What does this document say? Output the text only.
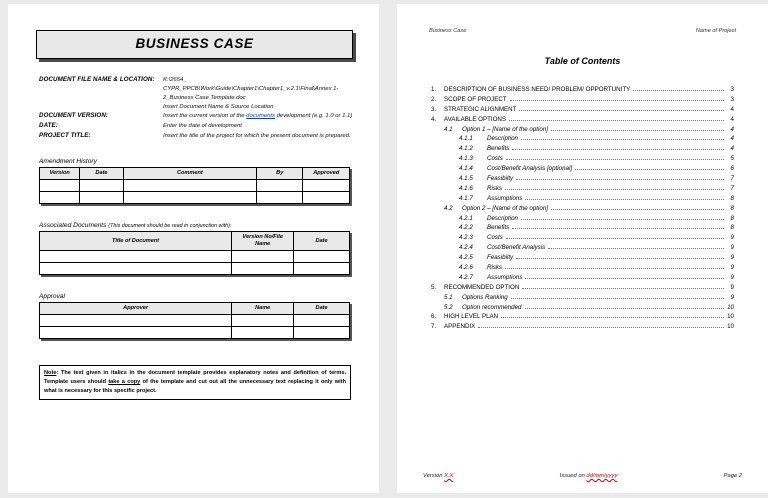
BUSINESS CASE
DOCUMENT FILE NAME & LOCATION:	K:\2654_
CYPR_PPCB\Work\Guide\Chapter1\Chapter1_v.2.1\Final\Annex 1-2_Business Case Template.doc
Insert Document Name & Source Location
DOCUMENT VERSION:	Insert the current version of the documents development (e.g. 1.0 or 1.1)
DATE:	Enter the date of development
PROJECT TITLE:	Insert the title of the project for which the present document is prepared.
Amendment History
Version	Date	Comment	By	Approved

Associated Documents (This document should be read in conjunction with):
Title of Document	Version No/File Name	Date

Approval
Approver	Name	Date

Note: The text given in italics in the document template provides explanatory notes and definition of terms. Template users should take a copy of the template and cut out all the unnecessary text replacing it only with what is necessary for this specific project.
Business Case	Name of Project
Table of Contents
1.	DESCRIPTION OF BUSINESS NEED/ PROBLEM/ OPPORTUNITY	3
2.	SCOPE OF PROJECT	3
3.	STRATEGIC ALIGNMENT	4
4.	AVAILABLE OPTIONS	4
4.1	Option 1 – [Name of the option]	4
4.1.1	Description	4
4.1.2	Benefits	4
4.1.3	Costs	5
4.1.4	Cost/Benefit Analysis [optional]	6
4.1.5	Feasibilty	7
4.1.6	Risks	7
4.1.7	Assumptions	8
4.2	Option 2 – [Name of the option]	8
4.2.1	Description	8
4.2.2	Benefits	8
4.2.3	Costs	9
4.2.4	Cost/Benefit Analysis	9
4.2.5	Feasibilty	9
4.2.6	Risks	9
4.2.7	Assumptions	9
5.	RECOMMENDED OPTION	9
5.1	Options Ranking	9
5.2	Option recommended	10
6.	HIGH LEVEL PLAN	10
7.	APPENDIX	10
Version X.X	Issued on dd/mm/yyyy	Page 2
